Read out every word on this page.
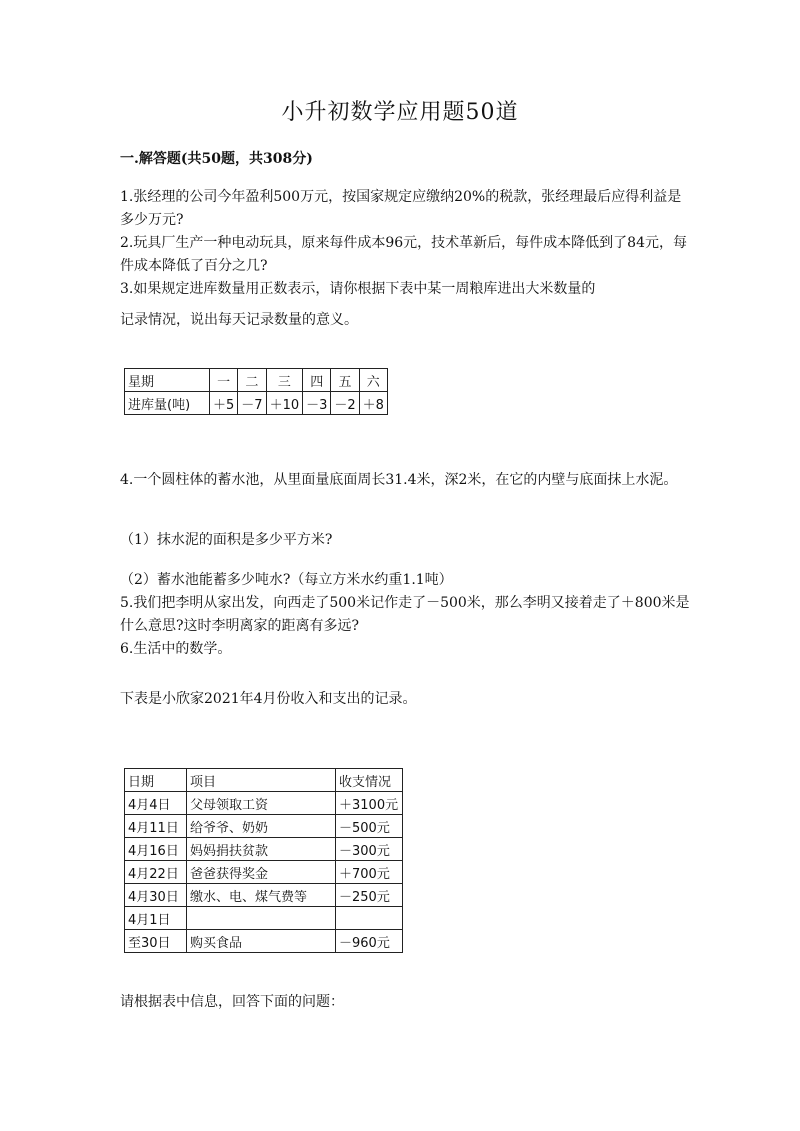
小升初数学应用题50道
一.解答题(共50题，共308分)

1.张经理的公司今年盈利500万元，按国家规定应缴纳20%的税款，张经理最后应得利益是多少万元?

2.玩具厂生产一种电动玩具，原来每件成本96元，技术革新后，每件成本降低到了84元，每件成本降低了百分之几?

3.如果规定进库数量用正数表示，请你根据下表中某一周粮库进出大米数量的

记录情况，说出每天记录数量的意义。
星期	一	二	三	四	五	六
进库量(吨)	＋5	－7	＋10	－3	－2	＋8
4.一个圆柱体的蓄水池，从里面量底面周长31.4米，深2米，在它的内壁与底面抹上水泥。
（1）抹水泥的面积是多少平方米?

（2）蓄水池能蓄多少吨水?（每立方米水约重1.1吨）

5.我们把李明从家出发，向西走了500米记作走了－500米，那么李明又接着走了＋800米是什么意思?这时李明离家的距离有多远?

6.生活中的数学。

下表是小欣家2021年4月份收入和支出的记录。
日期	项目	收支情况
4月4日	父母领取工资	＋3100元
4月11日	给爷爷、奶奶	－500元
4月16日	妈妈捐扶贫款	－300元
4月22日	爸爸获得奖金	＋700元
4月30日	缴水、电、煤气费等	－250元
4月1日		
至30日	购买食品	－960元
请根据表中信息，回答下面的问题：
